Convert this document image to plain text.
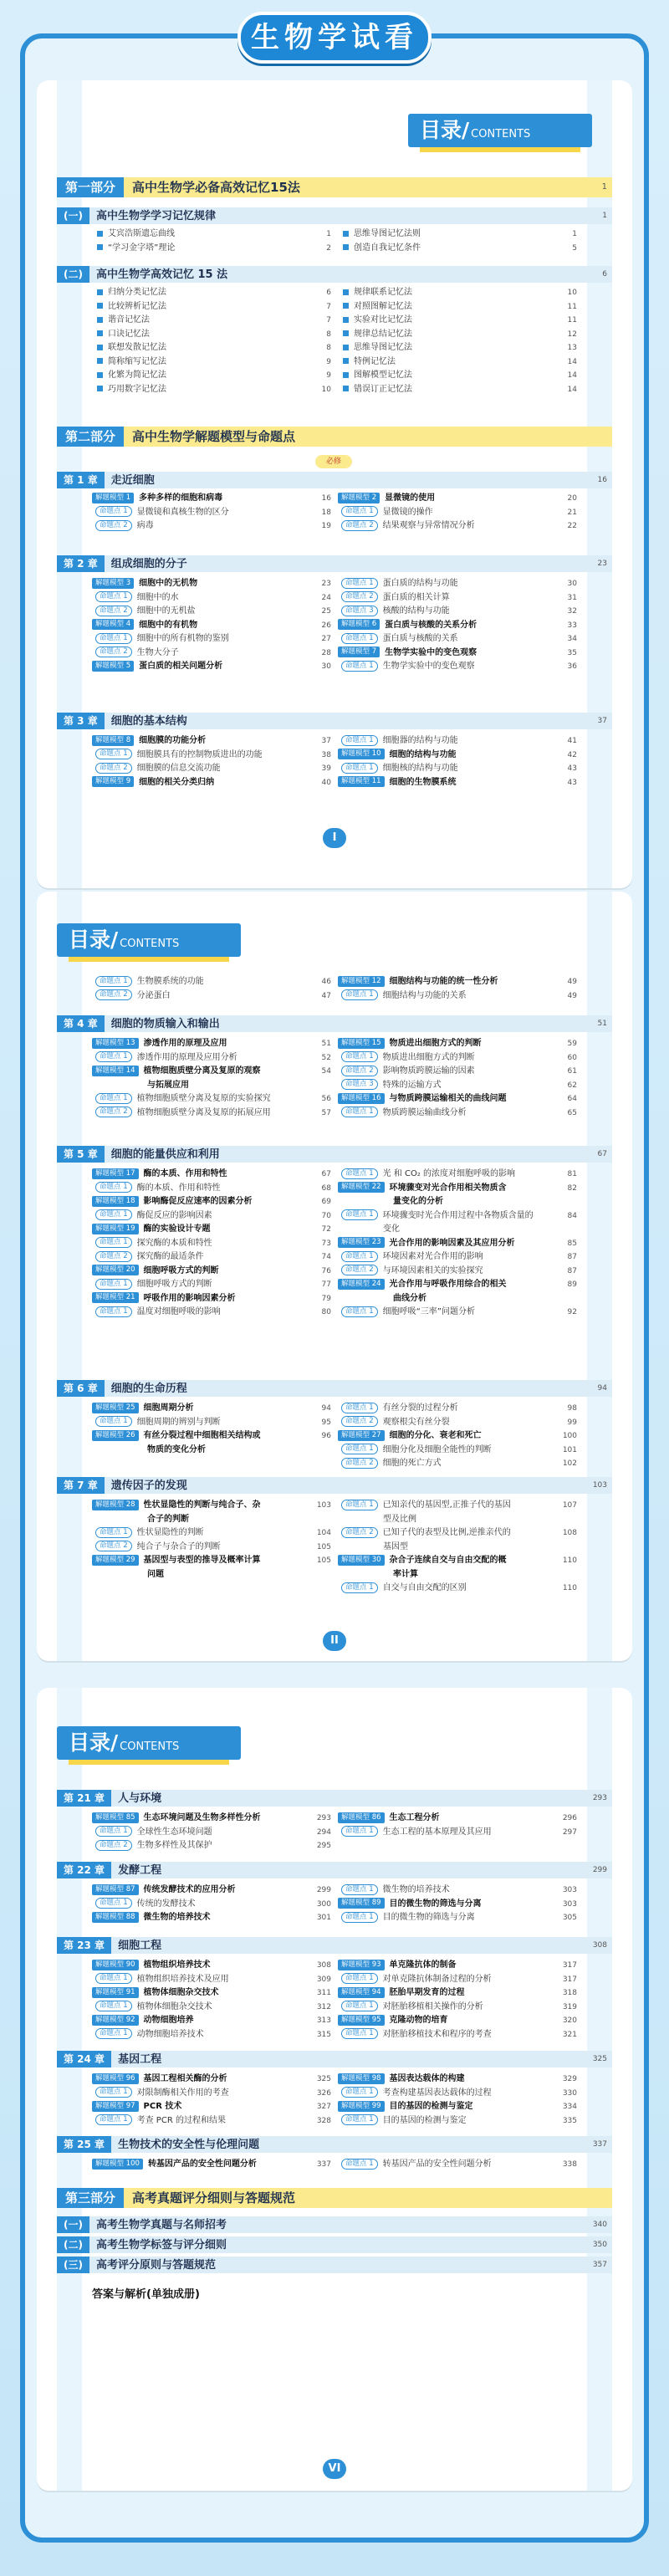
生物学试看
目录/ CONTENTS
第一部分 高中生物学必备高效记忆15法	1
(一) 高中生物学学习记忆规律	1
艾宾浩斯遗忘曲线	1
“学习金字塔”理论	2
思维导图记忆法则	1
创造自我记忆条件	5
(二) 高中生物学高效记忆 15 法	6
归纳分类记忆法	6
比较辨析记忆法	7
谐音记忆法	7
口诀记忆法	8
联想发散记忆法	8
简称缩写记忆法	9
化繁为简记忆法	9
巧用数字记忆法	10
规律联系记忆法	10
对照图解记忆法	11
实验对比记忆法	11
规律总结记忆法	12
思维导图记忆法	13
特例记忆法	14
图解模型记忆法	14
错误订正记忆法	14
第二部分 高中生物学解题模型与命题点
必修
第 1 章 走近细胞	16
解题模型 1 多种多样的细胞和病毒	16
命题点 1 显微镜和真核生物的区分	18
命题点 2 病毒	19
解题模型 2 显微镜的使用	20
命题点 1 显微镜的操作	21
命题点 2 结果观察与异常情况分析	22
第 2 章 组成细胞的分子	23
解题模型 3 细胞中的无机物	23
命题点 1 细胞中的水	24
命题点 2 细胞中的无机盐	25
解题模型 4 细胞中的有机物	26
命题点 1 细胞中的所有机物的鉴别	27
命题点 2 生物大分子	28
解题模型 5 蛋白质的相关问题分析	30
命题点 1 蛋白质的结构与功能	30
命题点 2 蛋白质的相关计算	31
命题点 3 核酸的结构与功能	32
解题模型 6 蛋白质与核酸的关系分析	33
命题点 1 蛋白质与核酸的关系	34
解题模型 7 生物学实验中的变色观察	35
命题点 1 生物学实验中的变色观察	36
第 3 章 细胞的基本结构	37
解题模型 8 细胞膜的功能分析	37
命题点 1 细胞膜具有的控制物质进出的功能	38
命题点 2 细胞膜的信息交流功能	39
解题模型 9 细胞的相关分类归纳	40
命题点 1 细胞器的结构与功能	41
解题模型 10 细胞的结构与功能	42
命题点 1 细胞核的结构与功能	43
解题模型 11 细胞的生物膜系统	43
I
目录/ CONTENTS
命题点 1 生物膜系统的功能	46
命题点 2 分泌蛋白	47
解题模型 12 细胞结构与功能的统一性分析	49
命题点 1 细胞结构与功能的关系	49
第 4 章 细胞的物质输入和输出	51
解题模型 13 渗透作用的原理及应用	51
命题点 1 渗透作用的原理及应用分析	52
解题模型 14 植物细胞质壁分离及复原的观察	54
与拓展应用
命题点 1 植物细胞质壁分离及复原的实验探究	56
命题点 2 植物细胞质壁分离及复原的拓展应用	57
解题模型 15 物质进出细胞方式的判断	59
命题点 1 物质进出细胞方式的判断	60
命题点 2 影响物质跨膜运输的因素	61
命题点 3 特殊的运输方式	62
解题模型 16 与物质跨膜运输相关的曲线问题	64
命题点 1 物质跨膜运输曲线分析	65
第 5 章 细胞的能量供应和利用	67
解题模型 17 酶的本质、作用和特性	67
命题点 1 酶的本质、作用和特性	68
解题模型 18 影响酶促反应速率的因素分析	69
命题点 1 酶促反应的影响因素	70
解题模型 19 酶的实验设计专题	72
命题点 1 探究酶的本质和特性	73
命题点 2 探究酶的最适条件	74
解题模型 20 细胞呼吸方式的判断	76
命题点 1 细胞呼吸方式的判断	77
解题模型 21 呼吸作用的影响因素分析	79
命题点 1 温度对细胞呼吸的影响	80
命题点 1 光 和 CO₂ 的浓度对细胞呼吸的影响	81
解题模型 22 环境骤变对光合作用相关物质含	82
量变化的分析
命题点 1 环境骤变时光合作用过程中各物质含量的	84
变化
解题模型 23 光合作用的影响因素及其应用分析	85
命题点 1 环境因素对光合作用的影响	87
命题点 2 与环境因素相关的实验探究	87
解题模型 24 光合作用与呼吸作用综合的相关	89
曲线分析
命题点 1 细胞呼吸“三率”问题分析	92
第 6 章 细胞的生命历程	94
解题模型 25 细胞周期分析	94
命题点 1 细胞周期的辨别与判断	95
解题模型 26 有丝分裂过程中细胞相关结构或	96
物质的变化分析
命题点 1 有丝分裂的过程分析	98
命题点 2 观察根尖有丝分裂	99
解题模型 27 细胞的分化、衰老和死亡	100
命题点 1 细胞分化及细胞全能性的判断	101
命题点 2 细胞的死亡方式	102
第 7 章 遗传因子的发现	103
解题模型 28 性状显隐性的判断与纯合子、杂	103
合子的判断
命题点 1 性状显隐性的判断	104
命题点 2 纯合子与杂合子的判断	105
解题模型 29 基因型与表型的推导及概率计算	105
问题
命题点 1 已知亲代的基因型,正推子代的基因	107
型及比例
命题点 2 已知子代的表型及比例,逆推亲代的	108
基因型
解题模型 30 杂合子连续自交与自由交配的概	110
率计算
命题点 1 自交与自由交配的区别	110
II
目录/ CONTENTS
第 21 章 人与环境	293
解题模型 85 生态环境问题及生物多样性分析	293
命题点 1 全球性生态环境问题	294
命题点 2 生物多样性及其保护	295
解题模型 86 生态工程分析	296
命题点 1 生态工程的基本原理及其应用	297
第 22 章 发酵工程	299
解题模型 87 传统发酵技术的应用分析	299
命题点 1 传统的发酵技术	300
解题模型 88 微生物的培养技术	301
命题点 1 微生物的培养技术	303
解题模型 89 目的微生物的筛选与分离	303
命题点 1 目的微生物的筛选与分离	305
第 23 章 细胞工程	308
解题模型 90 植物组织培养技术	308
命题点 1 植物组织培养技术及应用	309
解题模型 91 植物体细胞杂交技术	311
命题点 1 植物体细胞杂交技术	312
解题模型 92 动物细胞培养	313
命题点 1 动物细胞培养技术	315
解题模型 93 单克隆抗体的制备	317
命题点 1 对单克隆抗体制备过程的分析	317
解题模型 94 胚胎早期发育的过程	318
命题点 1 对胚胎移植相关操作的分析	319
解题模型 95 克隆动物的培育	320
命题点 1 对胚胎移植技术和程序的考查	321
第 24 章 基因工程	325
解题模型 96 基因工程相关酶的分析	325
命题点 1 对限制酶相关作用的考查	326
解题模型 97 PCR 技术	327
命题点 1 考查 PCR 的过程和结果	328
解题模型 98 基因表达载体的构建	329
命题点 1 考查构建基因表达载体的过程	330
解题模型 99 目的基因的检测与鉴定	334
命题点 1 目的基因的检测与鉴定	335
第 25 章 生物技术的安全性与伦理问题	337
解题模型 100 转基因产品的安全性问题分析	337	命题点 1 转基因产品的安全性问题分析	338
第三部分 高考真题评分细则与答题规范
(一) 高考生物学真题与名师招考	340
(二) 高考生物学标签与评分细则	350
(三) 高考评分原则与答题规范	357
答案与解析(单独成册)
VI
